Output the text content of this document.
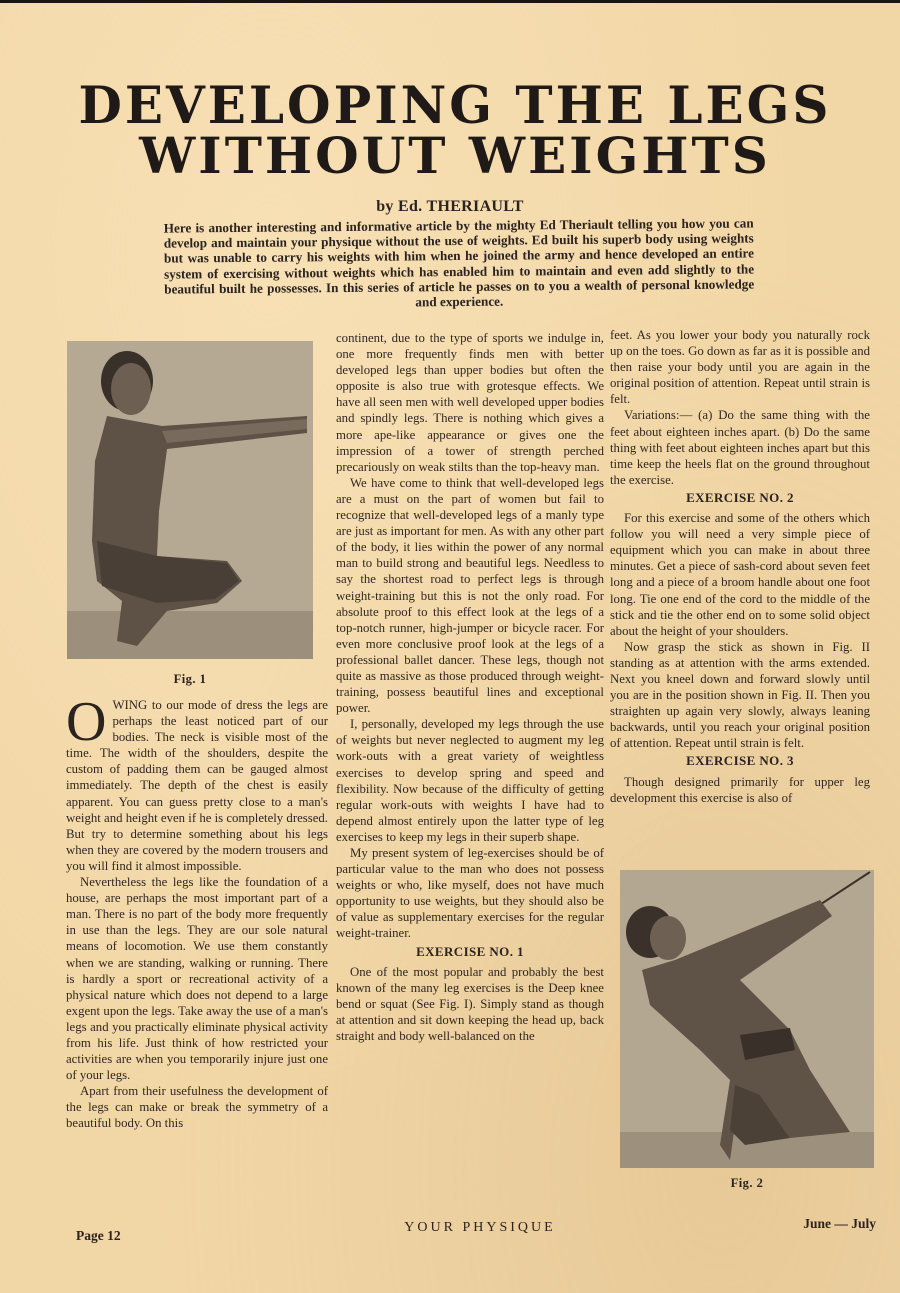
DEVELOPING THE LEGS
WITHOUT WEIGHTS
by Ed. THERIAULT
Here is another interesting and informative article by the mighty Ed Theriault telling you how you can develop and maintain your physique without the use of weights. Ed built his superb body using weights but was unable to carry his weights with him when he joined the army and hence developed an entire system of exercising without weights which has enabled him to maintain and even add slightly to the beautiful built he possesses. In this series of article he passes on to you a wealth of personal knowledge and experience.
Fig. 1
Fig. 2

OWING to our mode of dress the legs are perhaps the least noticed part of our bodies. The neck is visible most of the time. The width of the shoulders, despite the custom of padding them can be gauged almost immediately. The depth of the chest is easily apparent. You can guess pretty close to a man's weight and height even if he is completely dressed. But try to determine something about his legs when they are covered by the modern trousers and you will find it almost impossible.

Nevertheless the legs like the foundation of a house, are perhaps the most important part of a man. There is no part of the body more frequently in use than the legs. They are our sole natural means of locomotion. We use them constantly when we are standing, walking or running. There is hardly a sport or recreational activity of a physical nature which does not depend to a large exgent upon the legs. Take away the use of a man's legs and you practically eliminate physical activity from his life. Just think of how restricted your activities are when you temporarily injure just one of your legs.

Apart from their usefulness the development of the legs can make or break the symmetry of a beautiful body. On this

continent, due to the type of sports we indulge in, one more frequently finds men with better developed legs than upper bodies but often the opposite is also true with grotesque effects. We have all seen men with well developed upper bodies and spindly legs. There is nothing which gives a more ape-like appearance or gives one the impression of a tower of strength perched precariously on weak stilts than the top-heavy man.

We have come to think that well-developed legs are a must on the part of women but fail to recognize that well-developed legs of a manly type are just as important for men. As with any other part of the body, it lies within the power of any normal man to build strong and beautiful legs. Needless to say the shortest road to perfect legs is through weight-training but this is not the only road. For absolute proof to this effect look at the legs of a top-notch runner, high-jumper or bicycle racer. For even more conclusive proof look at the legs of a professional ballet dancer. These legs, though not quite as massive as those produced through weight-training, possess beautiful lines and exceptional power.

I, personally, developed my legs through the use of weights but never neglected to augment my leg work-outs with a great variety of weightless exercises to develop spring and speed and flexibility. Now because of the difficulty of getting regular work-outs with weights I have had to depend almost entirely upon the latter type of leg exercises to keep my legs in their superb shape.

My present system of leg-exercises should be of particular value to the man who does not possess weights or who, like myself, does not have much opportunity to use weights, but they should also be of value as supplementary exercises for the regular weight-trainer.

EXERCISE NO. 1

One of the most popular and probably the best known of the many leg exercises is the Deep knee bend or squat (See Fig. I). Simply stand as though at attention and sit down keeping the head up, back straight and body well-balanced on the

feet. As you lower your body you naturally rock up on the toes. Go down as far as it is possible and then raise your body until you are again in the original position of attention. Repeat until strain is felt.

Variations:— (a) Do the same thing with the feet about eighteen inches apart. (b) Do the same thing with feet about eighteen inches apart but this time keep the heels flat on the ground throughout the exercise.

EXERCISE NO. 2

For this exercise and some of the others which follow you will need a very simple piece of equipment which you can make in about three minutes. Get a piece of sash-cord about seven feet long and a piece of a broom handle about one foot long. Tie one end of the cord to the middle of the stick and tie the other end on to some solid object about the height of your shoulders.

Now grasp the stick as shown in Fig. II standing as at attention with the arms extended. Next you kneel down and forward slowly until you are in the position shown in Fig. II. Then you straighten up again very slowly, always leaning backwards, until you reach your original position of attention. Repeat until strain is felt.

EXERCISE NO. 3

Though designed primarily for upper leg development this exercise is also of

Page 12
YOUR PHYSIQUE	June — July
